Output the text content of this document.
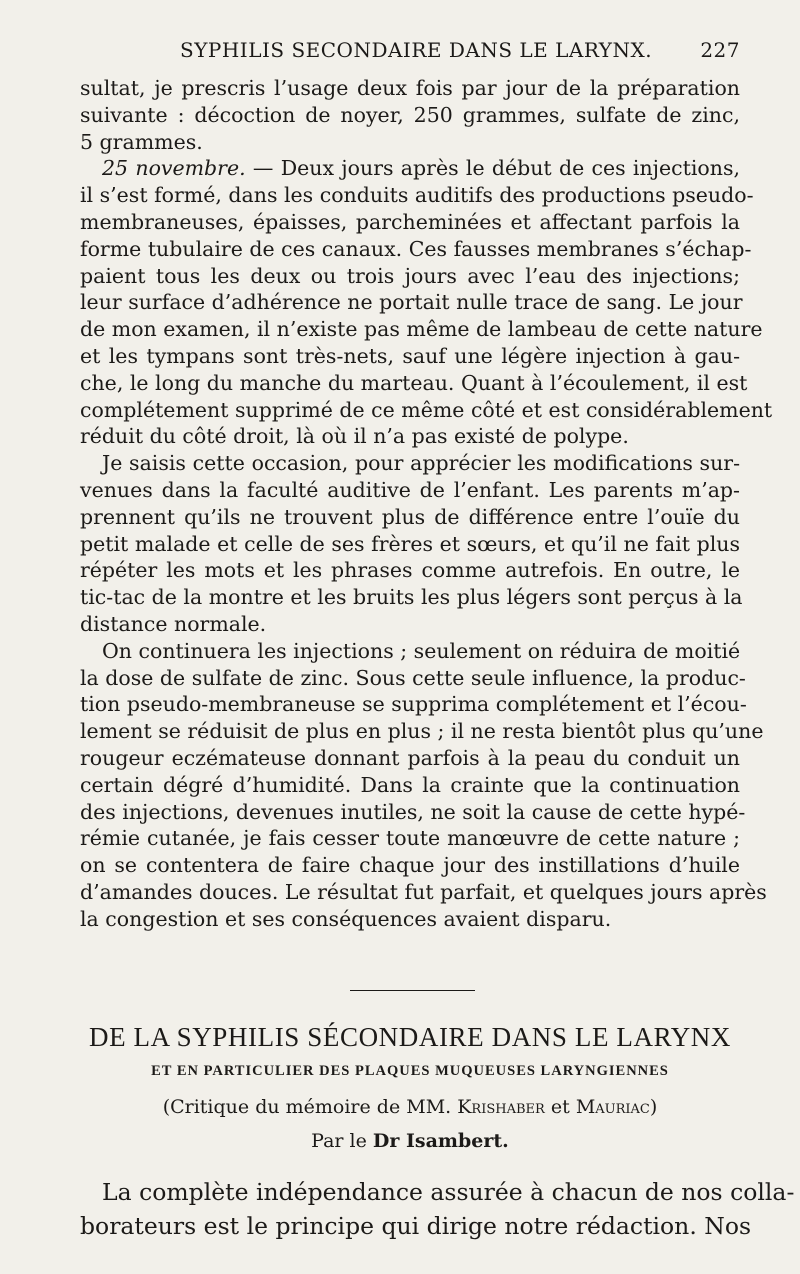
SYPHILIS SECONDAIRE DANS LE LARYNX. 227
sultat, je prescris l’usage deux fois par jour de la préparation
suivante : décoction de noyer, 250 grammes, sulfate de zinc,
5 grammes.
25 novembre. — Deux jours après le début de ces injections,
il s’est formé, dans les conduits auditifs des productions pseudo-
membraneuses, épaisses, parcheminées et affectant parfois la
forme tubulaire de ces canaux. Ces fausses membranes s’échap-
paient tous les deux ou trois jours avec l’eau des injections;
leur surface d’adhérence ne portait nulle trace de sang. Le jour
de mon examen, il n’existe pas même de lambeau de cette nature
et les tympans sont très-nets, sauf une légère injection à gau-
che, le long du manche du marteau. Quant à l’écoulement, il est
complétement supprimé de ce même côté et est considérablement
réduit du côté droit, là où il n’a pas existé de polype.
Je saisis cette occasion, pour apprécier les modifications sur-
venues dans la faculté auditive de l’enfant. Les parents m’ap-
prennent qu’ils ne trouvent plus de différence entre l’ouïe du
petit malade et celle de ses frères et sœurs, et qu’il ne fait plus
répéter les mots et les phrases comme autrefois. En outre, le
tic-tac de la montre et les bruits les plus légers sont perçus à la
distance normale.
On continuera les injections ; seulement on réduira de moitié
la dose de sulfate de zinc. Sous cette seule influence, la produc-
tion pseudo-membraneuse se supprima complétement et l’écou-
lement se réduisit de plus en plus ; il ne resta bientôt plus qu’une
rougeur eczémateuse donnant parfois à la peau du conduit un
certain dégré d’humidité. Dans la crainte que la continuation
des injections, devenues inutiles, ne soit la cause de cette hypé-
rémie cutanée, je fais cesser toute manœuvre de cette nature ;
on se contentera de faire chaque jour des instillations d’huile
d’amandes douces. Le résultat fut parfait, et quelques jours après
la congestion et ses conséquences avaient disparu.
DE LA SYPHILIS SÉCONDAIRE DANS LE LARYNX
ET EN PARTICULIER DES PLAQUES MUQUEUSES LARYNGIENNES
(Critique du mémoire de MM. Krishaber et Mauriac)
Par le Dr Isambert.
La complète indépendance assurée à chacun de nos colla-
borateurs est le principe qui dirige notre rédaction. Nos
